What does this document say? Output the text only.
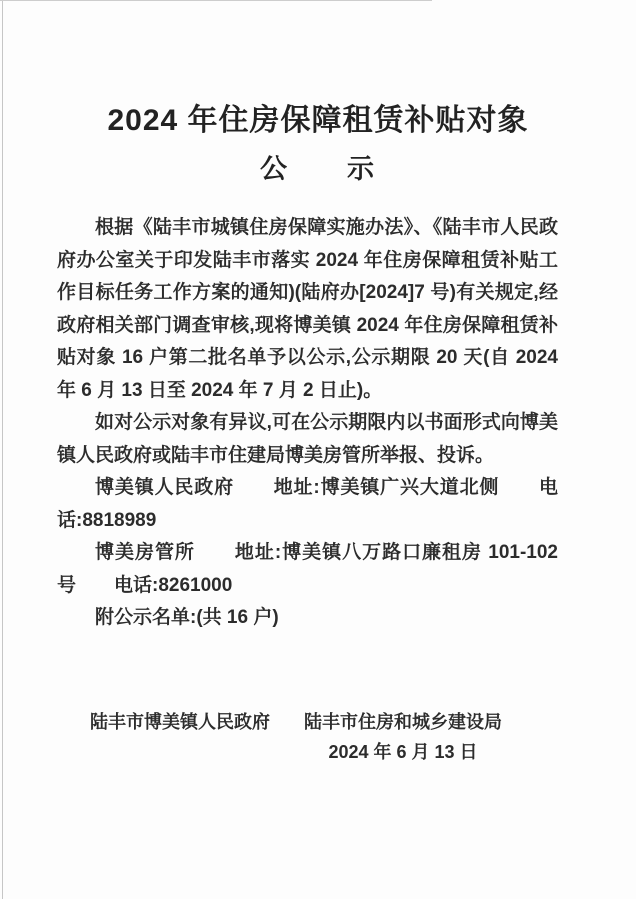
2024 年住房保障租赁补贴对象
公　　示

根据《陆丰市城镇住房保障实施办法》、《陆丰市人民政府办公室关于印发陆丰市落实 2024 年住房保障租赁补贴工作目标任务工作方案的通知)(陆府办[2024]7 号)有关规定,经政府相关部门调查审核,现将博美镇 2024 年住房保障租赁补贴对象 16 户第二批名单予以公示,公示期限 20 天(自 2024 年 6 月 13 日至 2024 年 7 月 2 日止)。

如对公示对象有异议,可在公示期限内以书面形式向博美镇人民政府或陆丰市住建局博美房管所举报、投诉。

博美镇人民政府　　地址:博美镇广兴大道北侧　　电话:8818989

博美房管所　　地址:博美镇八万路口廉租房 101-102 号　　电话:8261000

附公示名单:(共 16 户)

陆丰市博美镇人民政府 陆丰市住房和城乡建设局
2024 年 6 月 13 日
